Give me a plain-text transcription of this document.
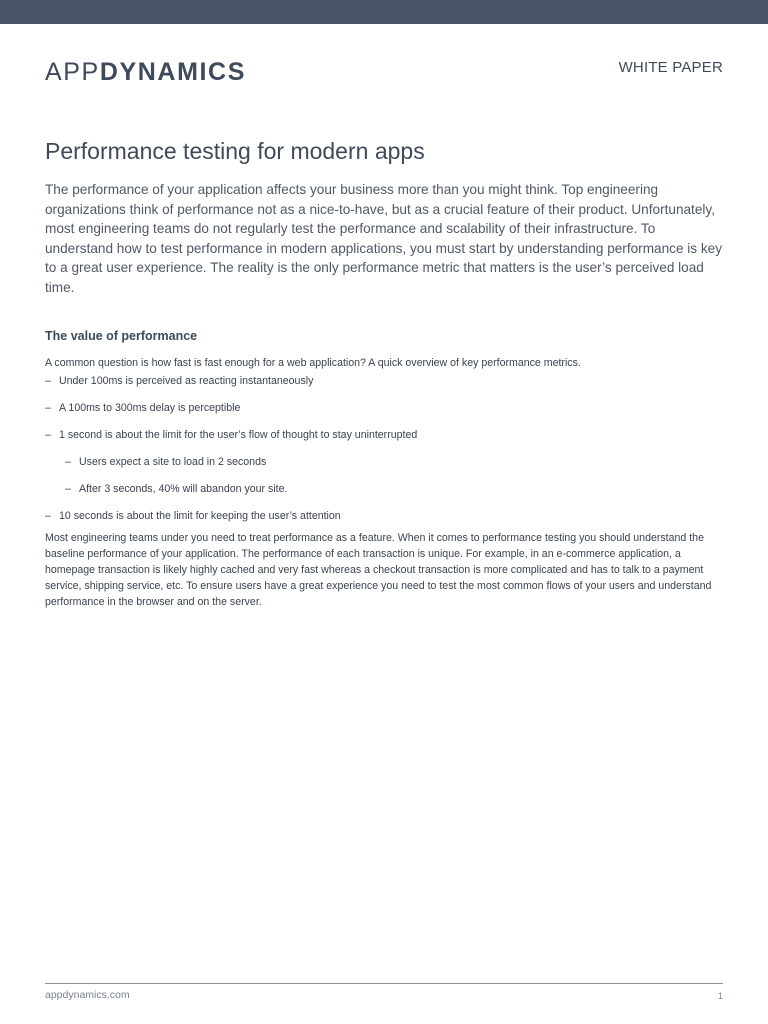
APPDYNAMICS	WHITE PAPER
Performance testing for modern apps

The performance of your application affects your business more than you might think. Top engineering organizations think of performance not as a nice-to-have, but as a crucial feature of their product. Unfortunately, most engineering teams do not regularly test the performance and scalability of their infrastructure. To understand how to test performance in modern applications, you must start by understanding performance is key to a great user experience. The reality is the only performance metric that matters is the user’s perceived load time.

The value of performance

A common question is how fast is fast enough for a web application? A quick overview of key performance metrics.

– Under 100ms is perceived as reacting instantaneously
– A 100ms to 300ms delay is perceptible
– 1 second is about the limit for the user’s flow of thought to stay uninterrupted
– Users expect a site to load in 2 seconds
– After 3 seconds, 40% will abandon your site.
– 10 seconds is about the limit for keeping the user’s attention

Most engineering teams under you need to treat performance as a feature. When it comes to performance testing you should understand the baseline performance of your application. The performance of each transaction is unique. For example, in an e-commerce application, a homepage transaction is likely highly cached and very fast whereas a checkout transaction is more complicated and has to talk to a payment service, shipping service, etc. To ensure users have a great experience you need to test the most common flows of your users and understand performance in the browser and on the server.

appdynamics.com	1
